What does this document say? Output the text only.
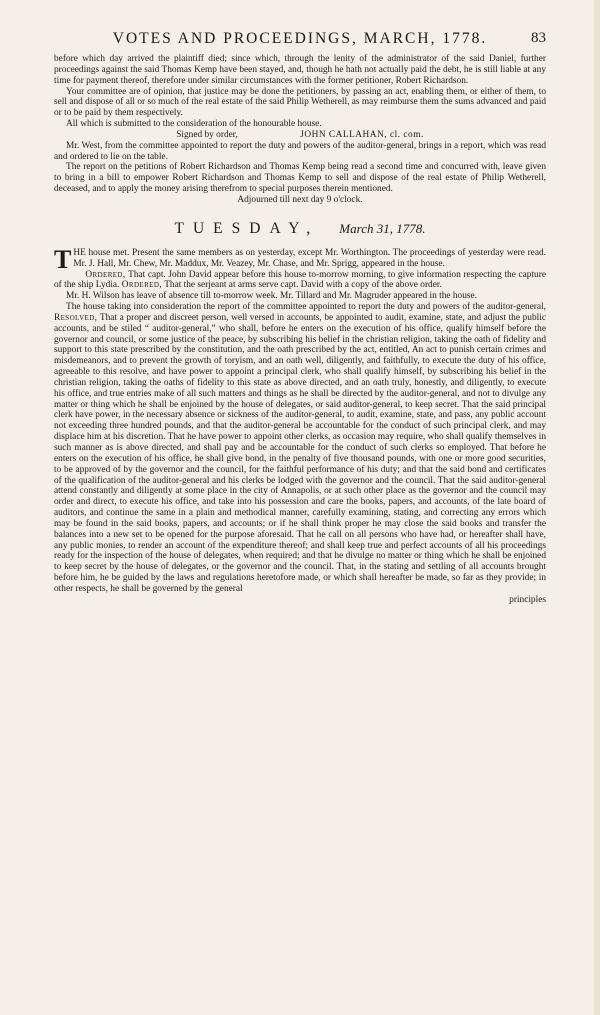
VOTES AND PROCEEDINGS, MARCH, 1778.	83

before which day arrived the plaintiff died; since which, through the lenity of the administrator of the said Daniel, further proceedings against the said Thomas Kemp have been stayed, and, though he hath not actually paid the debt, he is still liable at any time for payment thereof, therefore under similar circumstances with the former petitioner, Robert Richardson.

Your committee are of opinion, that justice may be done the petitioners, by passing an act, enabling them, or either of them, to sell and dispose of all or so much of the real estate of the said Philip Wetherell, as may reimburse them the sums advanced and paid or to be paid by them respectively.

All which is submitted to the consideration of the honourable house.

Signed by order,	JOHN CALLAHAN, cl. com.

Mr. West, from the committee appointed to report the duty and powers of the auditor-general, brings in a report, which was read and ordered to lie on the table.

The report on the petitions of Robert Richardson and Thomas Kemp being read a second time and concurred with, leave given to bring in a bill to empower Robert Richardson and Thomas Kemp to sell and dispose of the real estate of Philip Wetherell, deceased, and to apply the money arising therefrom to special purposes therein mentioned.

Adjourned till next day 9 o'clock.

TUESDAY, March 31, 1778.

T HE house met. Present the same members as on yesterday, except Mr. Worthington. The proceedings of yesterday were read. Mr. J. Hall, Mr. Chew, Mr. Maddux, Mr. Veazey, Mr. Chase, and Mr. Sprigg, appeared in the house.

Ordered, That capt. John David appear before this house to-morrow morning, to give information respecting the capture of the ship Lydia. Ordered, That the serjeant at arms serve capt. David with a copy of the above order.

Mr. H. Wilson has leave of absence till to-morrow week. Mr. Tillard and Mr. Magruder appeared in the house.

The house taking into consideration the report of the committee appointed to report the duty and powers of the auditor-general, Resolved, That a proper and discreet person, well versed in accounts, be appointed to audit, examine, state, and adjust the public accounts, and be stiled “ auditor-general,” who shall, before he enters on the execution of his office, qualify himself before the governor and council, or some justice of the peace, by subscribing his belief in the christian religion, taking the oath of fidelity and support to this state prescribed by the constitution, and the oath prescribed by the act, entitled, An act to punish certain crimes and misdemeanors, and to prevent the growth of toryism, and an oath well, diligently, and faithfully, to execute the duty of his office, agreeable to this resolve, and have power to appoint a principal clerk, who shall qualify himself, by subscribing his belief in the christian religion, taking the oaths of fidelity to this state as above directed, and an oath truly, honestly, and diligently, to execute his office, and true entries make of all such matters and things as he shall be directed by the auditor-general, and not to divulge any matter or thing which he shall be enjoined by the house of delegates, or said auditor-general, to keep secret. That the said principal clerk have power, in the necessary absence or sickness of the auditor-general, to audit, examine, state, and pass, any public account not exceeding three hundred pounds, and that the auditor-general be accountable for the conduct of such principal clerk, and may displace him at his discretion. That he have power to appoint other clerks, as occasion may require, who shall qualify themselves in such manner as is above directed, and shall pay and be accountable for the conduct of such clerks so employed. That before he enters on the execution of his office, he shall give bond, in the penalty of five thousand pounds, with one or more good securities, to be approved of by the governor and the council, for the faithful performance of his duty; and that the said bond and certificates of the qualification of the auditor-general and his clerks be lodged with the governor and the council. That the said auditor-general attend constantly and diligently at some place in the city of Annapolis, or at such other place as the governor and the council may order and direct, to execute his office, and take into his possession and care the books, papers, and accounts, of the late board of auditors, and continue the same in a plain and methodical manner, carefully examining, stating, and correcting any errors which may be found in the said books, papers, and accounts; or if he shall think proper he may close the said books and transfer the balances into a new set to be opened for the purpose aforesaid. That he call on all persons who have had, or hereafter shall have, any public monies, to render an account of the expenditure thereof; and shall keep true and perfect accounts of all his proceedings ready for the inspection of the house of delegates, when required; and that he divulge no matter or thing which he shall be enjoined to keep secret by the house of delegates, or the governor and the council. That, in the stating and settling of all accounts brought before him, he be guided by the laws and regulations heretofore made, or which shall hereafter be made, so far as they provide; in other respects, he shall be governed by the general

principles
